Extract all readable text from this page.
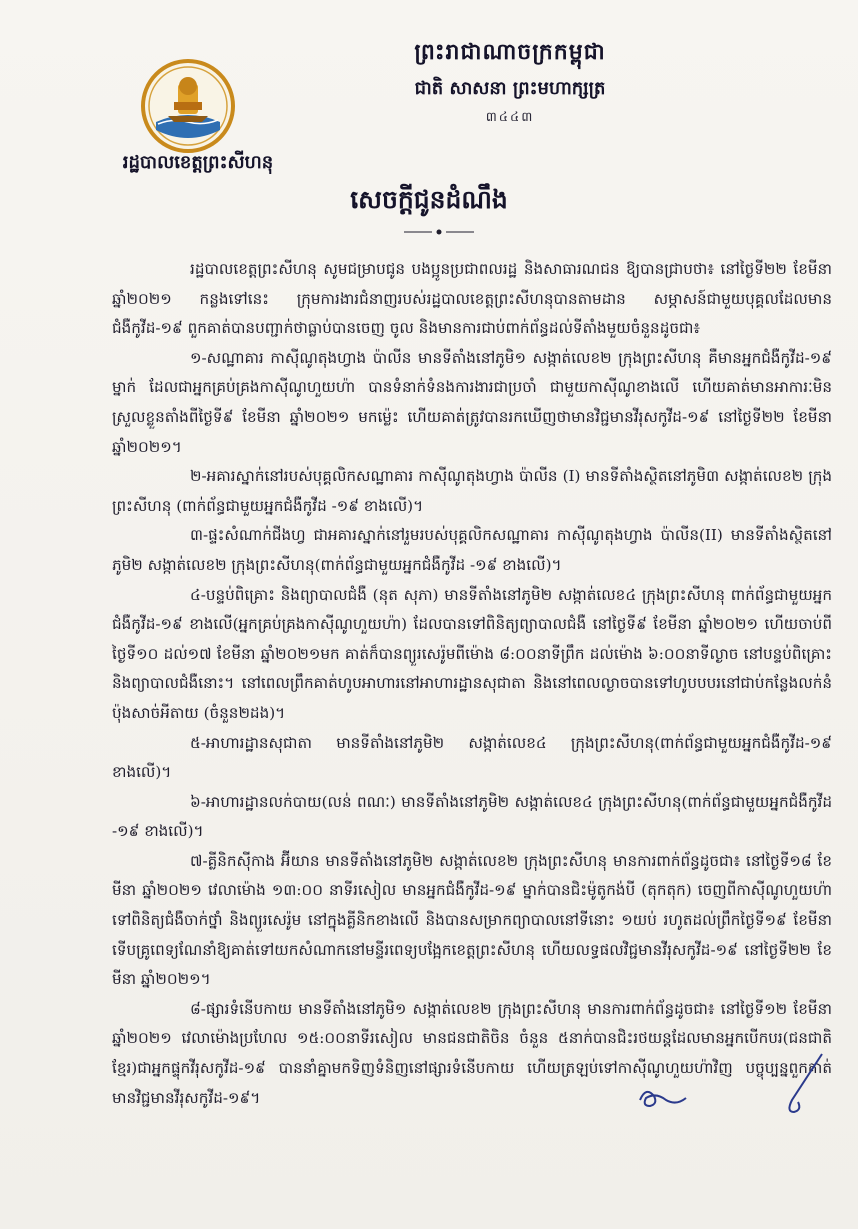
ព្រះរាជាណាចក្រកម្ពុជា

ជាតិ សាសនា ព្រះមហាក្សត្រ

៣៤៤៣
រដ្ឋបាលខេត្តព្រះសីហនុ
សេចក្តីជូនដំណឹង

រដ្ឋបាលខេត្តព្រះសីហនុ សូមជម្រាបជូន បងប្អូនប្រជាពលរដ្ឋ និងសាធារណជន ឱ្យបានជ្រាបថា៖ នៅថ្ងៃទី២២ ខែមីនា ឆ្នាំ២០២១ កន្លងទៅនេះ ក្រុមការងារជំនាញរបស់រដ្ឋបាលខេត្តព្រះសីហនុបានតាមដាន សម្ភាសន៍ជាមួយបុគ្គលដែលមានជំងឺកូវីដ-១៩ ពួកគាត់បានបញ្ជាក់ថាធ្លាប់បានចេញ ចូល និងមានការជាប់ពាក់ព័ន្ធដល់ទីតាំងមួយចំនួនដូចជា៖

១-សណ្ឋាគារ កាស៊ីណូតុងហ្វាង ប៉ាលីន មានទីតាំងនៅភូមិ១ សង្កាត់លេខ២ ក្រុងព្រះសីហនុ គឺមានអ្នកជំងឺកូវីដ-១៩ ម្នាក់ ដែលជាអ្នកគ្រប់គ្រងកាស៊ីណូហួយហ៉ា បានទំនាក់ទំនងការងារជាប្រចាំ ជាមួយកាស៊ីណូខាងលើ ហើយគាត់មានអាការៈមិនស្រួលខ្លួនតាំងពីថ្ងៃទី៩ ខែមីនា ឆ្នាំ២០២១ មកម្ល៉េះ ហើយគាត់ត្រូវបានរកឃើញថាមានវិជ្ជមានវីរុសកូវីដ-១៩ នៅថ្ងៃទី២២ ខែមីនា ឆ្នាំ២០២១។

២-អគារស្នាក់នៅរបស់បុគ្គលិកសណ្ឋាគារ កាស៊ីណូតុងហ្វាង ប៉ាលីន (I) មានទីតាំងស្ថិតនៅភូមិ៣ សង្កាត់លេខ២ ក្រុងព្រះសីហនុ (ពាក់ព័ន្ធជាមួយអ្នកជំងឺកូវីដ -១៩ ខាងលើ)។

៣-ផ្ទះសំណាក់ជីងហ្វ ជាអគារស្នាក់នៅរួមរបស់បុគ្គលិកសណ្ឋាគារ កាស៊ីណូតុងហ្វាង ប៉ាលីន(II) មានទីតាំងស្ថិតនៅភូមិ២ សង្កាត់លេខ២ ក្រុងព្រះសីហនុ(ពាក់ព័ន្ធជាមួយអ្នកជំងឺកូវីដ -១៩ ខាងលើ)។

៤-បន្ទប់ពិគ្រោះ និងព្យាបាលជំងឺ (នុត សុភា) មានទីតាំងនៅភូមិ២ សង្កាត់លេខ៤ ក្រុងព្រះសីហនុ ពាក់ព័ន្ធជាមួយអ្នកជំងឺកូវីដ-១៩ ខាងលើ(អ្នកគ្រប់គ្រងកាស៊ីណូហួយហ៉ា) ដែលបានទៅពិនិត្យព្យាបាលជំងឺ នៅថ្ងៃទី៩ ខែមីនា ឆ្នាំ២០២១ ហើយចាប់ពីថ្ងៃទី១០ ដល់១៧ ខែមីនា ឆ្នាំ២០២១មក គាត់ក៏បានព្យួរសេរ៉ូមពីម៉ោង ៨:០០នាទីព្រឹក ដល់ម៉ោង ៦:០០នាទីល្ងាច នៅបន្ទប់ពិគ្រោះ និងព្យាបាលជំងឺនោះ។ នៅពេលព្រឹកគាត់ហូបអាហារនៅអាហារដ្ឋានសុជាតា និងនៅពេលល្ងាចបានទៅហូបបបរនៅជាប់កន្លែងលក់នំប៉ុងសាច់អីតាយ (ចំនួន២ដង)។

៥-អាហារដ្ឋានសុជាតា មានទីតាំងនៅភូមិ២ សង្កាត់លេខ៤ ក្រុងព្រះសីហនុ(ពាក់ព័ន្ធជាមួយអ្នកជំងឺកូវីដ-១៩ ខាងលើ)។

៦-អាហារដ្ឋានលក់បាយ(លន់ ពណៈ) មានទីតាំងនៅភូមិ២ សង្កាត់លេខ៤ ក្រុងព្រះសីហនុ(ពាក់ព័ន្ធជាមួយអ្នកជំងឺកូវីដ -១៩ ខាងលើ)។

៧-គ្លីនិកស៊ីកាង អ៊ីយាន មានទីតាំងនៅភូមិ២ សង្កាត់លេខ២ ក្រុងព្រះសីហនុ មានការពាក់ព័ន្ធដូចជា៖ នៅថ្ងៃទី១៨ ខែមីនា ឆ្នាំ២០២១ វេលាម៉ោង ១៣:០០ នាទីរសៀល មានអ្នកជំងឺកូវីដ-១៩ ម្នាក់បានជិះម៉ូតូកង់បី (តុកតុក) ចេញពីកាស៊ីណូហួយហ៉ា ទៅពិនិត្យជំងឺចាក់ថ្នាំ និងព្យួរសេរ៉ូម នៅក្នុងគ្លីនិកខាងលើ និងបានសម្រាកព្យាបាលនៅទីនោះ ១យប់ រហូតដល់ព្រឹកថ្ងៃទី១៩ ខែមីនា ទើបគ្រូពេទ្យណែនាំឱ្យគាត់ទៅយកសំណាកនៅមន្ទីរពេទ្យបង្អែកខេត្តព្រះសីហនុ ហើយលទ្ធផលវិជ្ជមានវីរុសកូវីដ-១៩ នៅថ្ងៃទី២២ ខែមីនា ឆ្នាំ២០២១។

៨-ផ្សារទំនើបកាយ មានទីតាំងនៅភូមិ១ សង្កាត់លេខ២ ក្រុងព្រះសីហនុ មានការពាក់ព័ន្ធដូចជា៖ នៅថ្ងៃទី១២ ខែមីនា ឆ្នាំ២០២១ វេលាម៉ោងប្រហែល ១៥:០០នាទីរសៀល មានជនជាតិចិន ចំនួន ៥នាក់បានជិះរថយន្តដែលមានអ្នកបើកបរ(ជនជាតិខ្មែរ)ជាអ្នកផ្ទុកវីរុសកូវីដ-១៩ បាននាំគ្នាមកទិញទំនិញនៅផ្សារទំនើបកាយ ហើយត្រឡប់ទៅកាស៊ីណូហួយហ៉ាវិញ បច្ចុប្បន្នពួកគាត់មានវិជ្ជមានវីរុសកូវីដ-១៩។
